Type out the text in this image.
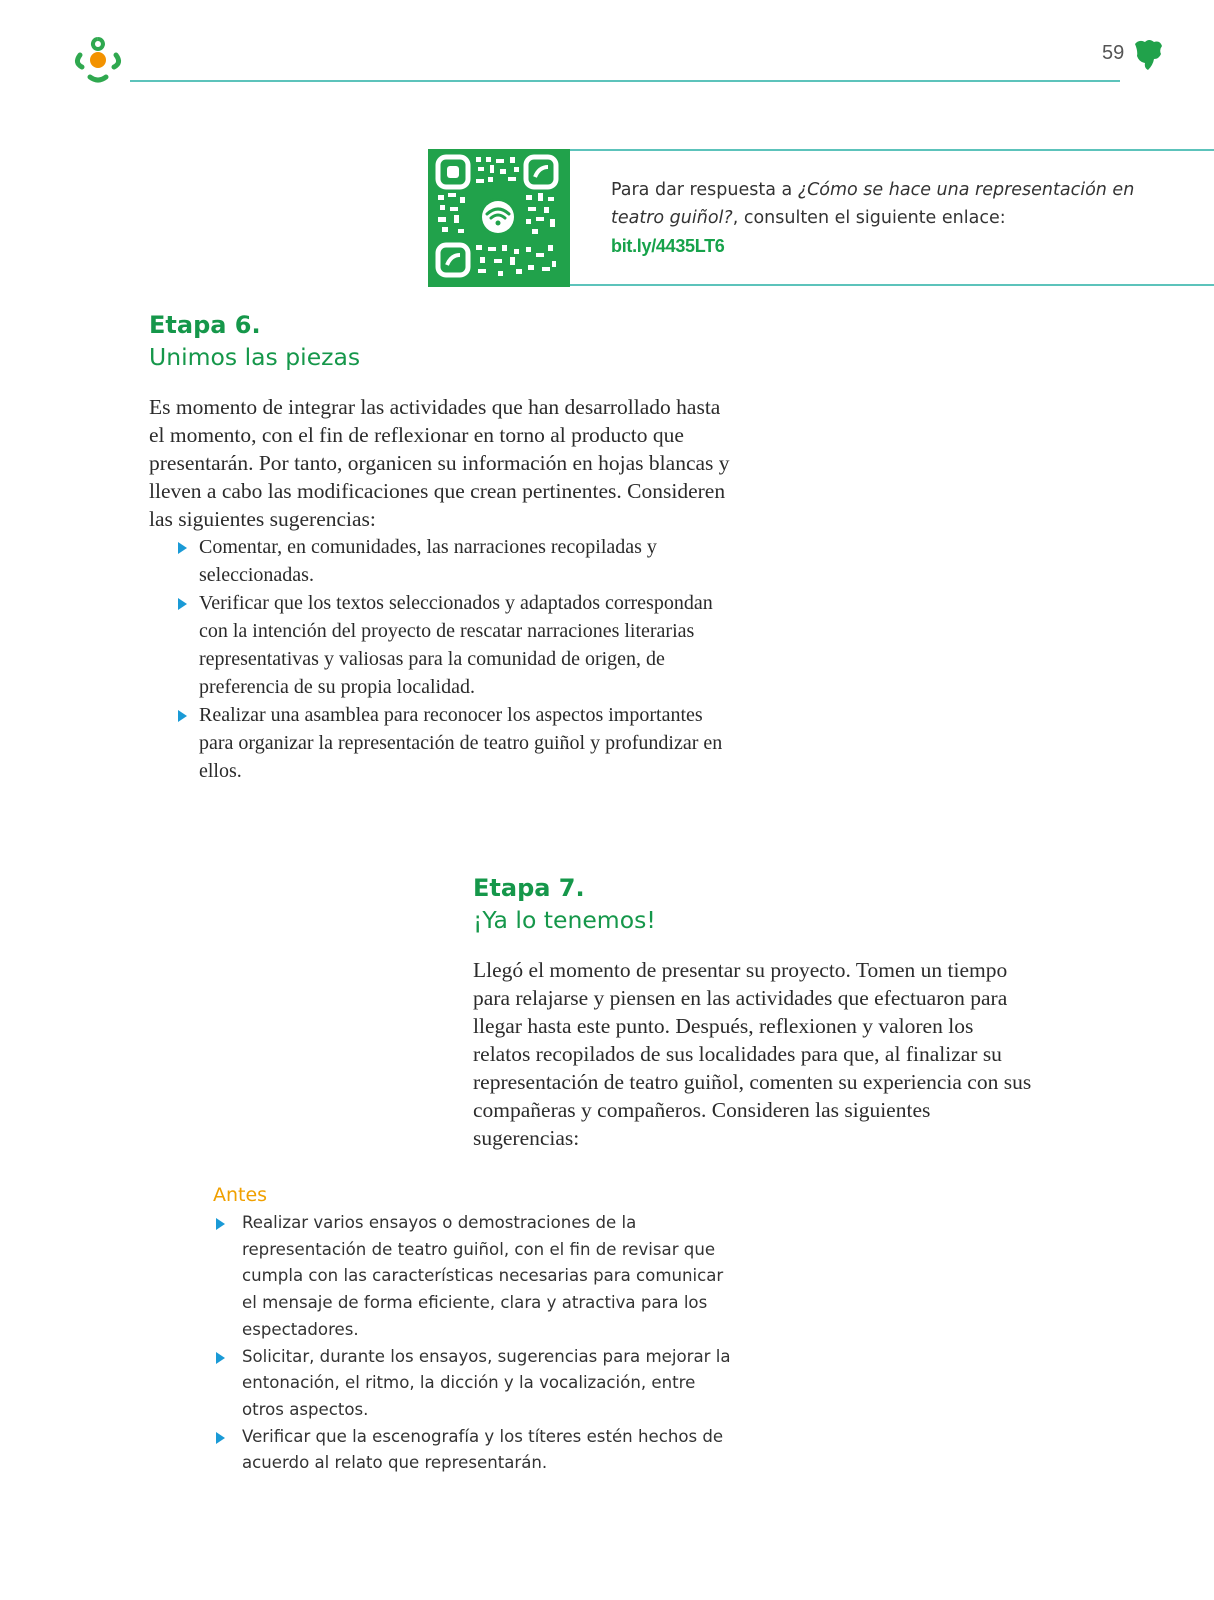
59
Para dar respuesta a ¿Cómo se hace una representación en teatro guiñol?, consulten el siguiente enlace:
bit.ly/4435LT6
Etapa 6.
Unimos las piezas

Es momento de integrar las actividades que han desarrollado hasta el momento, con el fin de reflexionar en torno al producto que presentarán. Por tanto, organicen su información en hojas blancas y lleven a cabo las modificaciones que crean pertinentes. Consideren las siguientes sugerencias:

Comentar, en comunidades, las narraciones recopiladas y seleccionadas.
Verificar que los textos seleccionados y adaptados correspondan con la intención del proyecto de rescatar narraciones literarias representativas y valiosas para la comunidad de origen, de preferencia de su propia localidad.
Realizar una asamblea para reconocer los aspectos importantes para organizar la representación de teatro guiñol y profundizar en ellos.
Etapa 7.
¡Ya lo tenemos!

Llegó el momento de presentar su proyecto. Tomen un tiempo para relajarse y piensen en las actividades que efectuaron para llegar hasta este punto. Después, reflexionen y valoren los relatos recopilados de sus localidades para que, al finalizar su representación de teatro guiñol, comenten su experiencia con sus compañeras y compañeros. Consideren las siguientes sugerencias:

Antes
Realizar varios ensayos o demostraciones de la representación de teatro guiñol, con el fin de revisar que cumpla con las características necesarias para comunicar el mensaje de forma eficiente, clara y atractiva para los espectadores.
Solicitar, durante los ensayos, sugerencias para mejorar la entonación, el ritmo, la dicción y la vocalización, entre otros aspectos.
Verificar que la escenografía y los títeres estén hechos de acuerdo al relato que representarán.
